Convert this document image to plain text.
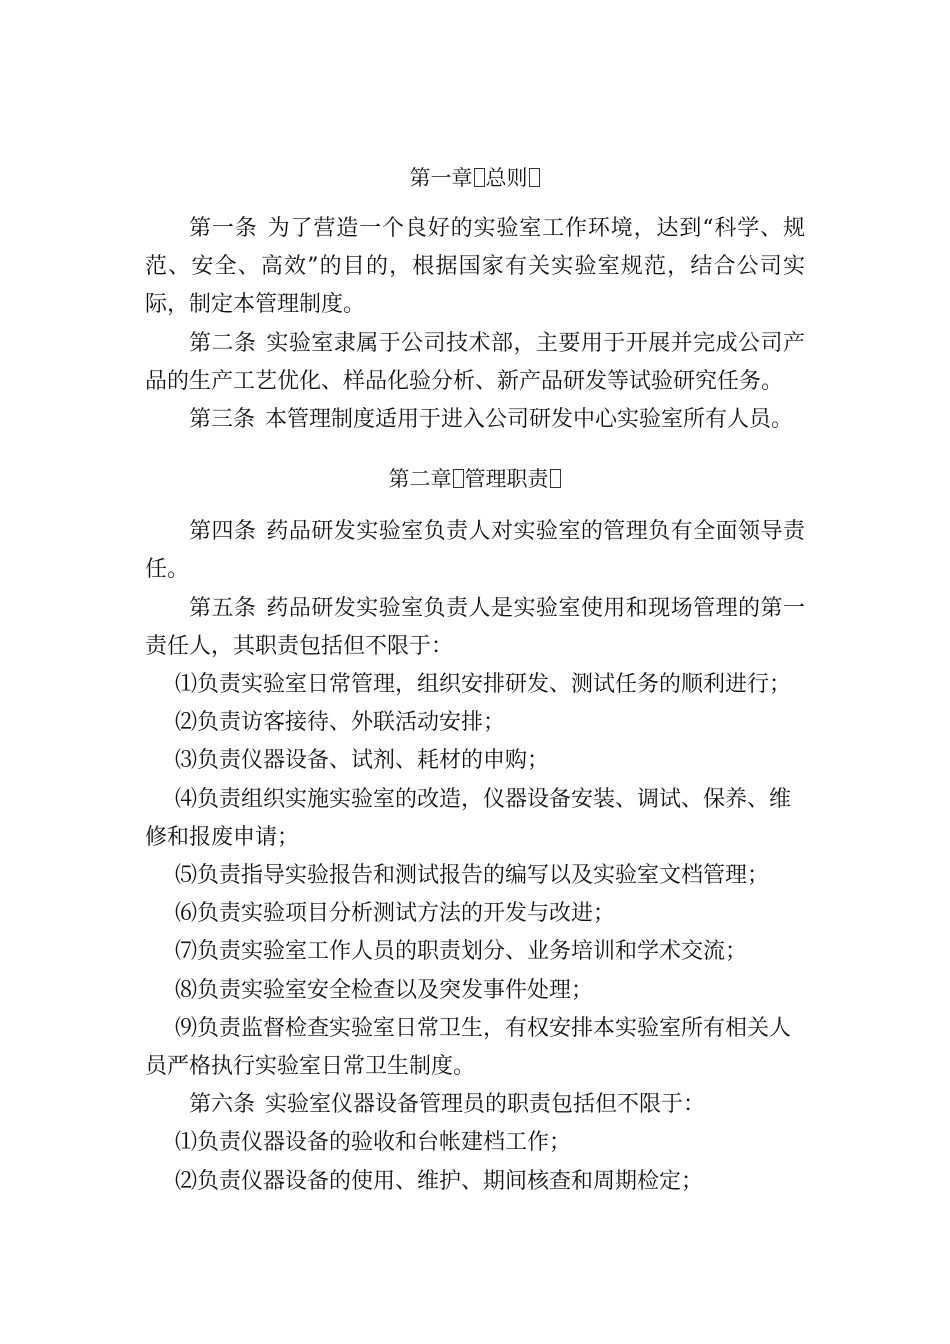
第一章 总则

第一条 为了营造一个良好的实验室工作环境，达到“科学、规范、安全、高效”的目的，根据国家有关实验室规范，结合公司实际，制定本管理制度。

第二条 实验室隶属于公司技术部，主要用于开展并完成公司产品的生产工艺优化、样品化验分析、新产品研发等试验研究任务。

第三条 本管理制度适用于进入公司研发中心实验室所有人员。

第二章 管理职责

第四条 药品研发实验室负责人对实验室的管理负有全面领导责任。

第五条 药品研发实验室负责人是实验室使用和现场管理的第一责任人，其职责包括但不限于：

⑴负责实验室日常管理，组织安排研发、测试任务的顺利进行；

⑵负责访客接待、外联活动安排；

⑶负责仪器设备、试剂、耗材的申购；

⑷负责组织实施实验室的改造，仪器设备安装、调试、保养、维修和报废申请；

⑸负责指导实验报告和测试报告的编写以及实验室文档管理；

⑹负责实验项目分析测试方法的开发与改进；

⑺负责实验室工作人员的职责划分、业务培训和学术交流；

⑻负责实验室安全检查以及突发事件处理；

⑼负责监督检查实验室日常卫生，有权安排本实验室所有相关人员严格执行实验室日常卫生制度。

第六条 实验室仪器设备管理员的职责包括但不限于：

⑴负责仪器设备的验收和台帐建档工作；

⑵负责仪器设备的使用、维护、期间核查和周期检定；
